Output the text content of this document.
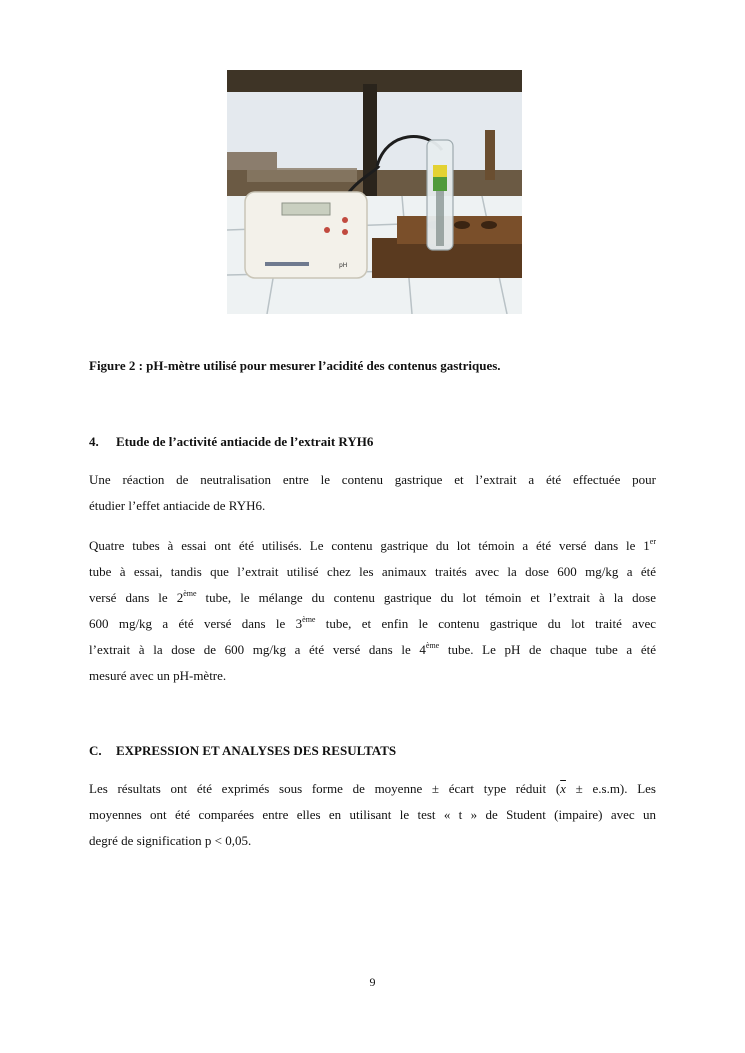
pH
Figure 2 : pH-mètre utilisé pour mesurer l’acidité des contenus gastriques.
4. Etude de l’activité antiacide de l’extrait RYH6
Une réaction de neutralisation entre le contenu gastrique et l’extrait a été effectuée pour
étudier l’effet antiacide de RYH6.
Quatre tubes à essai ont été utilisés. Le contenu gastrique du lot témoin a été versé dans le 1er
tube à essai, tandis que l’extrait utilisé chez les animaux traités avec la dose 600 mg/kg a été
versé dans le 2ème tube, le mélange du contenu gastrique du lot témoin et l’extrait à la dose
600 mg/kg a été versé dans le 3ème tube, et enfin le contenu gastrique du lot traité avec
l’extrait à la dose de 600 mg/kg a été versé dans le 4ème tube. Le pH de chaque tube a été
mesuré avec un pH-mètre.
C. EXPRESSION ET ANALYSES DES RESULTATS
Les résultats ont été exprimés sous forme de moyenne ± écart type réduit $(\overline{x} \pm e.s.m)$. Les
moyennes ont été comparées entre elles en utilisant le test « t » de Student (impaire) avec un
degré de signification p < 0,05.
9
